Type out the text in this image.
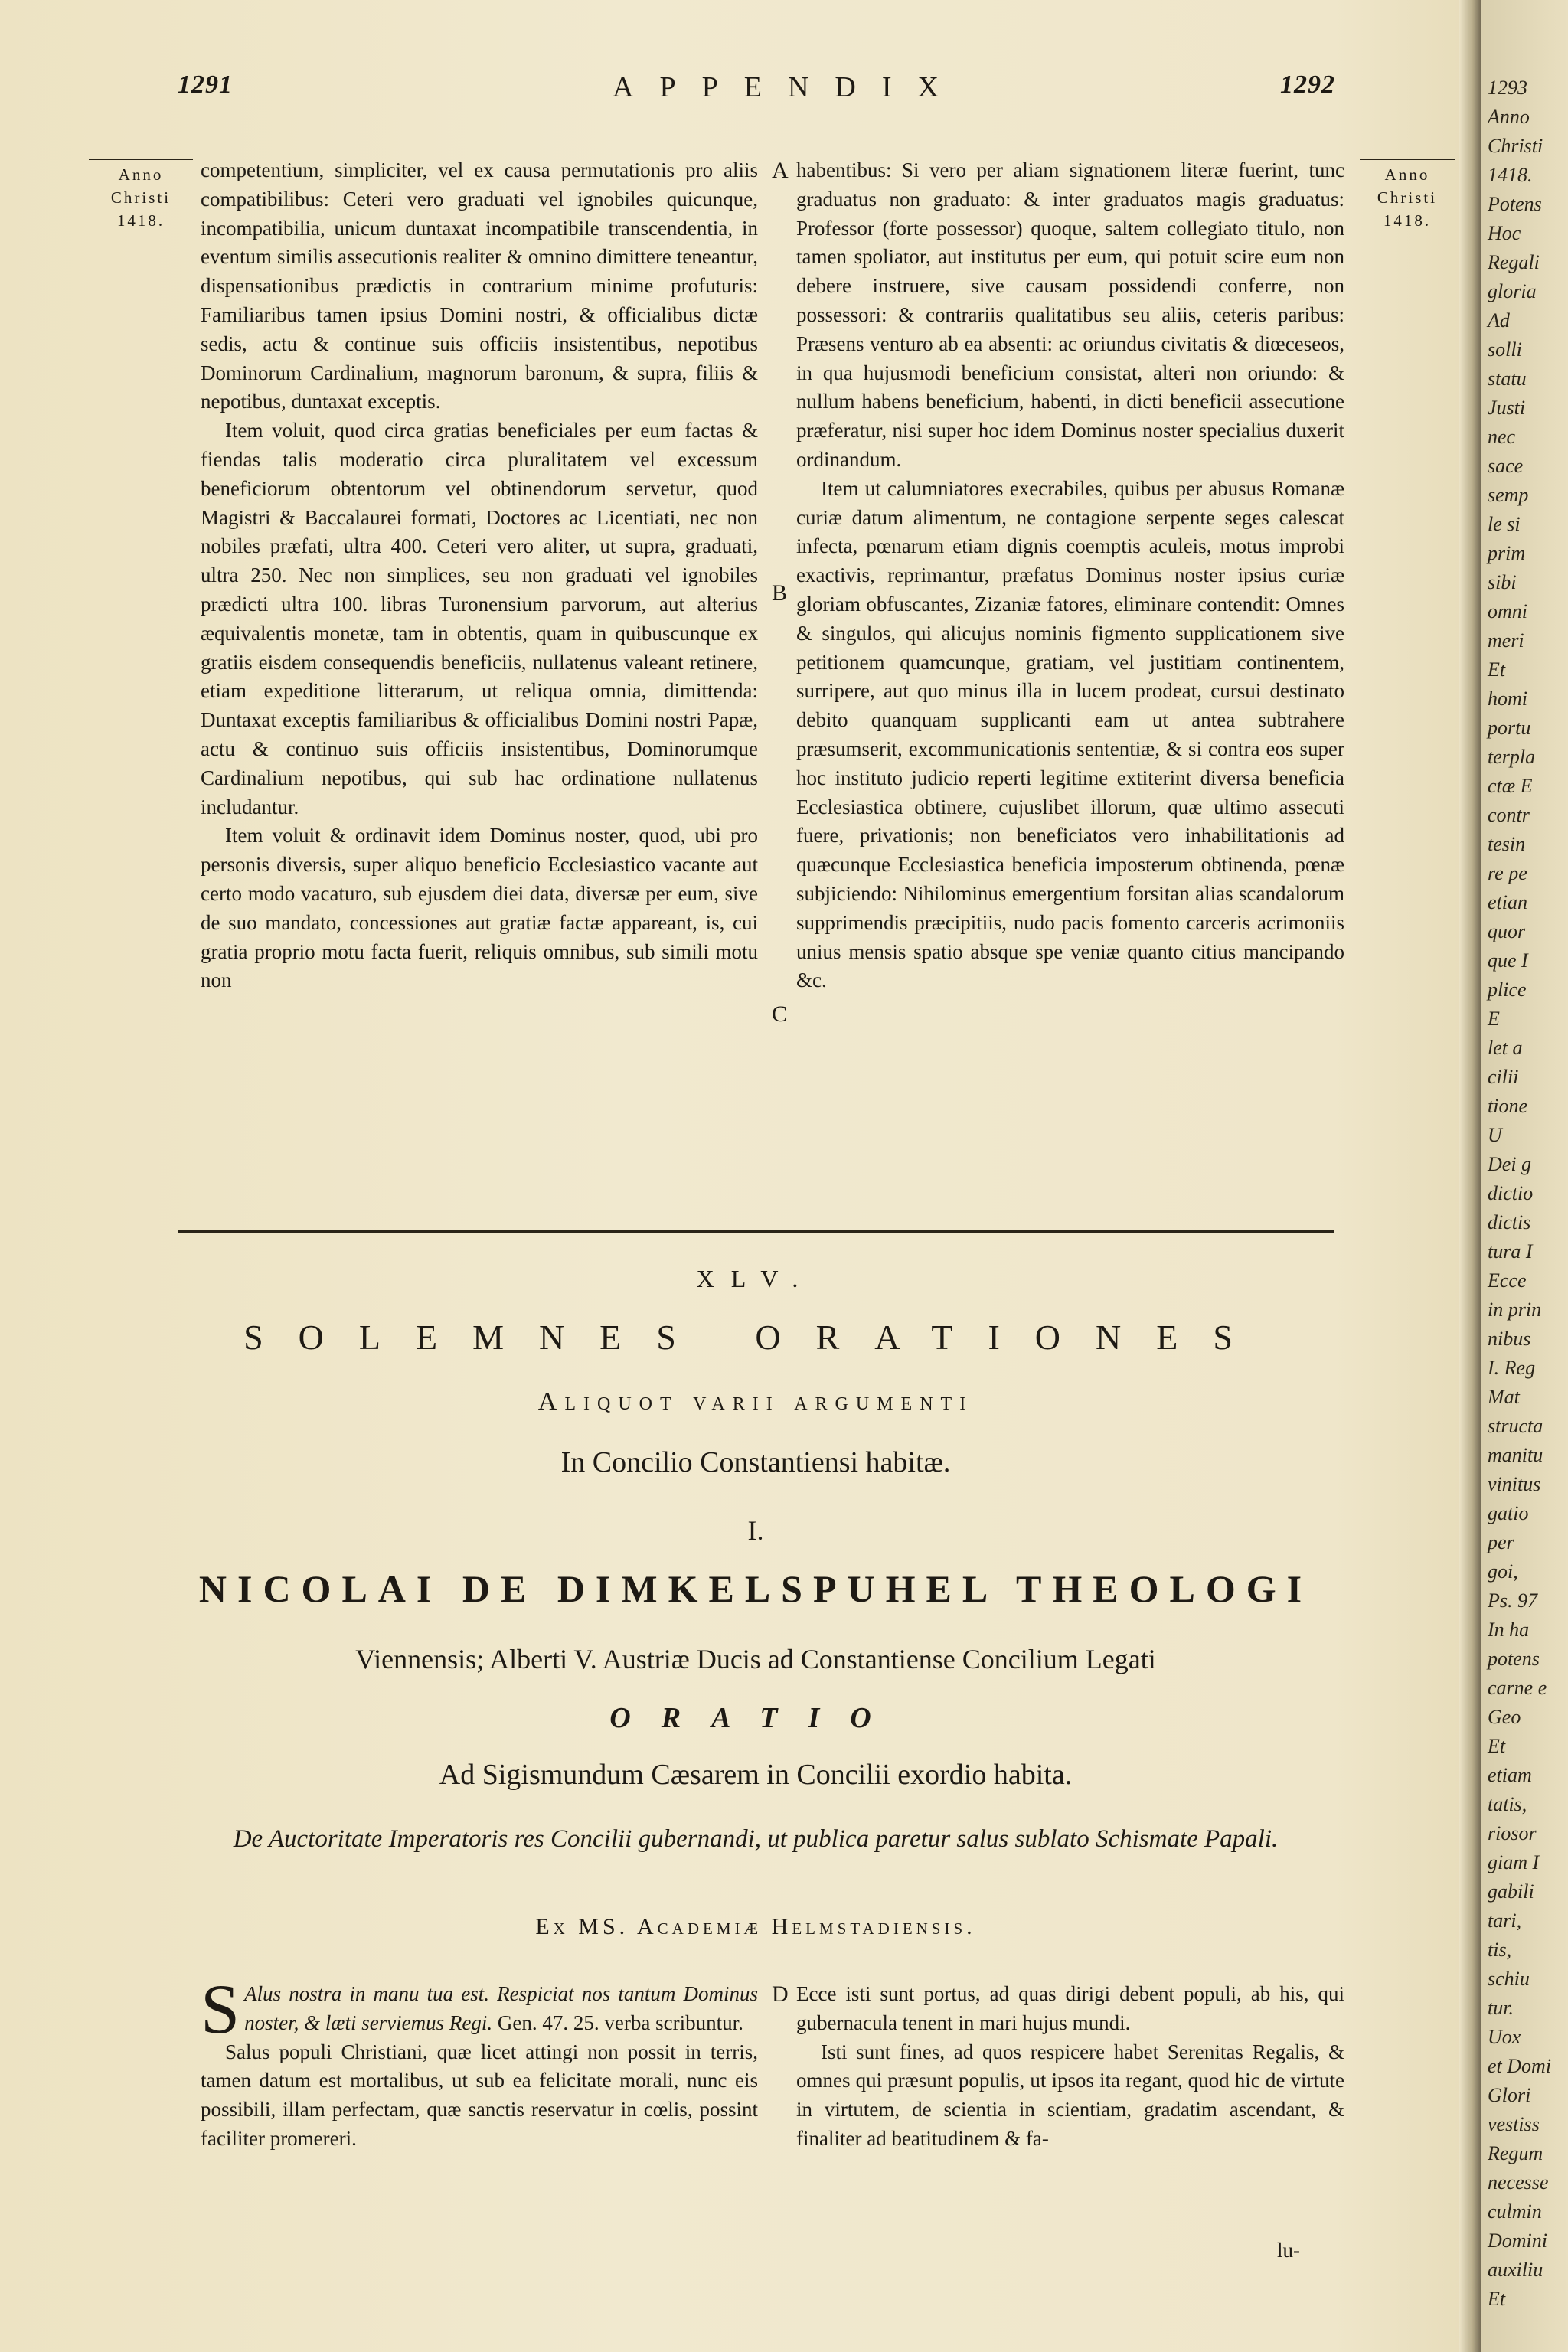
1291	APPENDIX	1292
Anno
Christi
1418.
Anno
Christi
1418.
A
B
C
D

competentium, simpliciter, vel ex causa permutationis pro aliis compatibilibus: Ceteri vero graduati vel ignobiles quicunque, incompatibilia, unicum duntaxat incompatibile transcendentia, in eventum similis assecutionis realiter & omnino dimittere teneantur, dispensationibus prædictis in contrarium minime profuturis: Familiaribus tamen ipsius Domini nostri, & officialibus dictæ sedis, actu & continue suis officiis insistentibus, nepotibus Dominorum Cardinalium, magnorum baronum, & supra, filiis & nepotibus, duntaxat exceptis.

Item voluit, quod circa gratias beneficiales per eum factas & fiendas talis moderatio circa pluralitatem vel excessum beneficiorum obtentorum vel obtinendorum servetur, quod Magistri & Baccalaurei formati, Doctores ac Licentiati, nec non nobiles præfati, ultra 400. Ceteri vero aliter, ut supra, graduati, ultra 250. Nec non simplices, seu non graduati vel ignobiles prædicti ultra 100. libras Turonensium parvorum, aut alterius æquivalentis monetæ, tam in obtentis, quam in quibuscunque ex gratiis eisdem consequendis beneficiis, nullatenus valeant retinere, etiam expeditione litterarum, ut reliqua omnia, dimittenda: Duntaxat exceptis familiaribus & officialibus Domini nostri Papæ, actu & continuo suis officiis insistentibus, Dominorumque Cardinalium nepotibus, qui sub hac ordinatione nullatenus includantur.

Item voluit & ordinavit idem Dominus noster, quod, ubi pro personis diversis, super aliquo beneficio Ecclesiastico vacante aut certo modo vacaturo, sub ejusdem diei data, diversæ per eum, sive de suo mandato, concessiones aut gratiæ factæ appareant, is, cui gratia proprio motu facta fuerit, reliquis omnibus, sub simili motu non

habentibus: Si vero per aliam signationem literæ fuerint, tunc graduatus non graduato: & inter graduatos magis graduatus: Professor (forte possessor) quoque, saltem collegiato titulo, non tamen spoliator, aut institutus per eum, qui potuit scire eum non debere instruere, sive causam possidendi conferre, non possessori: & contrariis qualitatibus seu aliis, ceteris paribus: Præsens venturo ab ea absenti: ac oriundus civitatis & diœceseos, in qua hujusmodi beneficium consistat, alteri non oriundo: & nullum habens beneficium, habenti, in dicti beneficii assecutione præferatur, nisi super hoc idem Dominus noster specialius duxerit ordinandum.

Item ut calumniatores execrabiles, quibus per abusus Romanæ curiæ datum alimentum, ne contagione serpente seges calescat infecta, pœnarum etiam dignis coemptis aculeis, motus improbi exactivis, reprimantur, præfatus Dominus noster ipsius curiæ gloriam obfuscantes, Zizaniæ fatores, eliminare contendit: Omnes & singulos, qui alicujus nominis figmento supplicationem sive petitionem quamcunque, gratiam, vel justitiam continentem, surripere, aut quo minus illa in lucem prodeat, cursui destinato debito quanquam supplicanti eam ut antea subtrahere præsumserit, excommunicationis sententiæ, & si contra eos super hoc instituto judicio reperti legitime extiterint diversa beneficia Ecclesiastica obtinere, cujuslibet illorum, quæ ultimo assecuti fuere, privationis; non beneficiatos vero inhabilitationis ad quæcunque Ecclesiastica beneficia imposterum obtinenda, pœnæ subjiciendo: Nihilominus emergentium forsitan alias scandalorum supprimendis præcipitiis, nudo pacis fomento carceris acrimoniis unius mensis spatio absque spe veniæ quanto citius mancipando &c.

XLV.
SOLEMNES ORATIONES
Aliquot varii argumenti
In Concilio Constantiensi habitæ.
I.
NICOLAI DE DIMKELSPUHEL THEOLOGI
Viennensis; Alberti V. Austriæ Ducis ad Constantiense Concilium Legati
ORATIO
Ad Sigismundum Cæsarem in Concilii exordio habita.
De Auctoritate Imperatoris res Concilii gubernandi, ut publica paretur salus sublato Schismate Papali.
Ex MS. Academiæ Helmstadiensis.

S Alus nostra in manu tua est. Respiciat nos tantum Dominus noster, & læti serviemus Regi. Gen. 47. 25. verba scribuntur.

Salus populi Christiani, quæ licet attingi non possit in terris, tamen datum est mortalibus, ut sub ea felicitate morali, nunc eis possibili, illam perfectam, quæ sanctis reservatur in cœlis, possint faciliter promereri.

Ecce isti sunt portus, ad quas dirigi debent populi, ab his, qui gubernacula tenent in mari hujus mundi.

Isti sunt fines, ad quos respicere habet Serenitas Regalis, & omnes qui præsunt populis, ut ipsos ita regant, quod hic de virtute in virtutem, de scientia in scientiam, gradatim ascendant, & finaliter ad beatitudinem & fa-

lu-
1293
Anno
Christi
1418.
Potens
Hoc
Regali
gloria
Ad
solli
statu
Justi
nec
sace
semp
le si
prim
sibi
omni
meri
Et
homi
portu
terpla
ctæ E
contr
tesin
re pe
etian
quor
que I
plice
E
let a
cilii
tione
U
Dei g
dictio
dictis
tura I
Ecce
in prin
nibus
I. Reg
Mat
structa
manitu
vinitus
gatio
per
goi,
Ps. 97
In ha
potens
carne e
Geo
Et
etiam
tatis,
riosor
giam I
gabili
tari,
tis,
schiu
tur.
Uox
et Domi
Glori
vestiss
Regum
necesse
culmin
Domini
auxiliu
Et
